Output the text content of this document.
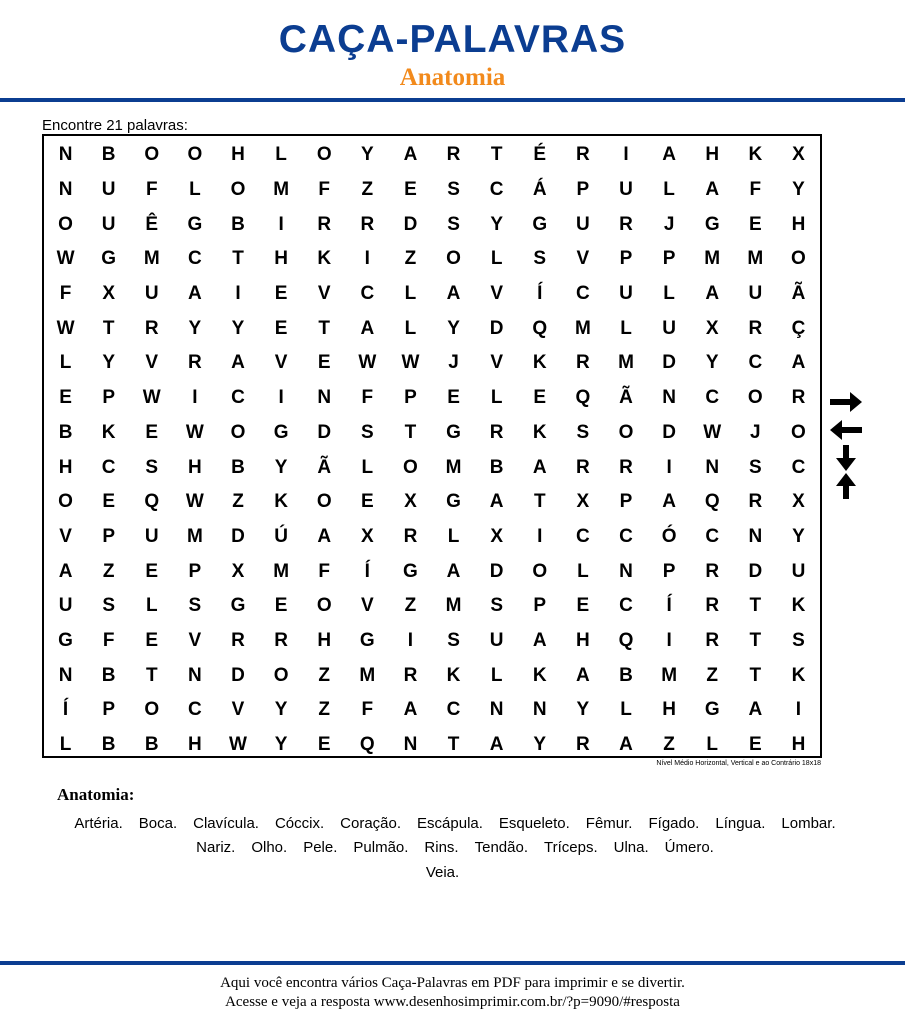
CAÇA-PALAVRAS
Anatomia
Encontre 21 palavras:
N	B	O	O	H	L	O	Y	A	R	T	É	R	I	A	H	K	X
N	U	F	L	O	M	F	Z	E	S	C	Á	P	U	L	A	F	Y
O	U	Ê	G	B	I	R	R	D	S	Y	G	U	R	J	G	E	H
W	G	M	C	T	H	K	I	Z	O	L	S	V	P	P	M	M	O
F	X	U	A	I	E	V	C	L	A	V	Í	C	U	L	A	U	Ã
W	T	R	Y	Y	E	T	A	L	Y	D	Q	M	L	U	X	R	Ç
L	Y	V	R	A	V	E	W	W	J	V	K	R	M	D	Y	C	A
E	P	W	I	C	I	N	F	P	E	L	E	Q	Ã	N	C	O	R
B	K	E	W	O	G	D	S	T	G	R	K	S	O	D	W	J	O
H	C	S	H	B	Y	Ã	L	O	M	B	A	R	R	I	N	S	C
O	E	Q	W	Z	K	O	E	X	G	A	T	X	P	A	Q	R	X
V	P	U	M	D	Ú	A	X	R	L	X	I	C	C	Ó	C	N	Y
A	Z	E	P	X	M	F	Í	G	A	D	O	L	N	P	R	D	U
U	S	L	S	G	E	O	V	Z	M	S	P	E	C	Í	R	T	K
G	F	E	V	R	R	H	G	I	S	U	A	H	Q	I	R	T	S
N	B	T	N	D	O	Z	M	R	K	L	K	A	B	M	Z	T	K
Í	P	O	C	V	Y	Z	F	A	C	N	N	Y	L	H	G	A	I
L	B	B	H	W	Y	E	Q	N	T	A	Y	R	A	Z	L	E	H
Nível Médio Horizontal, Vertical e ao Contrário 18x18
Anatomia:
Artéria. Boca. Clavícula. Cóccix. Coração. Escápula. Esqueleto. Fêmur. Fígado. Língua. Lombar.Nariz. Olho. Pele. Pulmão. Rins. Tendão. Tríceps. Ulna. Úmero.
Veia.
Aqui você encontra vários Caça-Palavras em PDF para imprimir e se divertir.
Acesse e veja a resposta www.desenhosimprimir.com.br/?p=9090/#resposta
